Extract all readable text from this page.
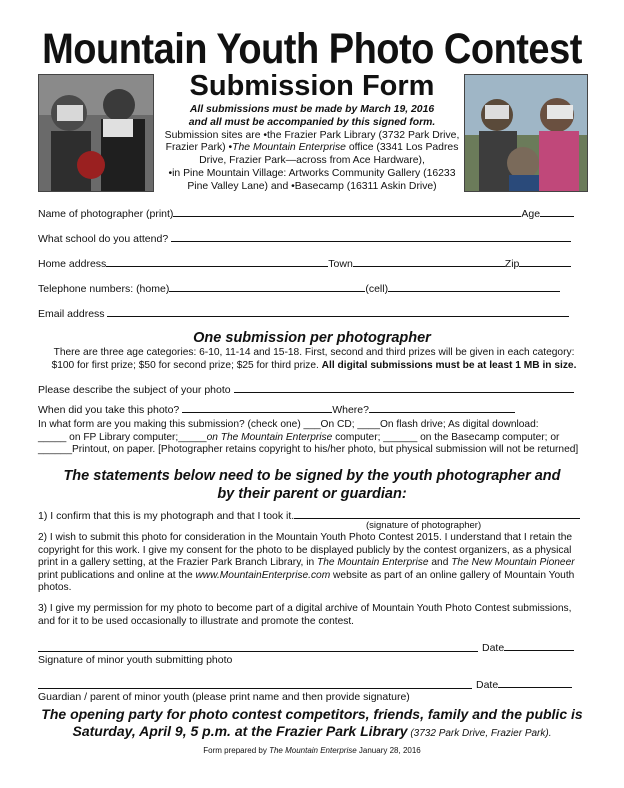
Mountain Youth Photo Contest
Submission Form
All submissions must be made by March 19, 2016
and all must be accompanied by this signed form.
Submission sites are •the Frazier Park Library (3732 Park Drive,
Frazier Park) •The Mountain Enterprise office (3341 Los Padres
Drive, Frazier Park—across from Ace Hardware),
•in Pine Mountain Village: Artworks Community Gallery (16233
Pine Valley Lane) and •Basecamp (16311 Askin Drive)
Name of photographer (print)	Age
What school do you attend?
Home address	Town	Zip
Telephone numbers: (home)	(cell)
Email address
One submission per photographer
There are three age categories: 6-10, 11-14 and 15-18. First, second and third prizes will be given in each category:
$100 for first prize; $50 for second prize; $25 for third prize. All digital submissions must be at least 1 MB in size.
Please describe the subject of your photo
When did you take this photo?	Where?
In what form are you making this submission? (check one) ___On CD; ____On flash drive; As digital download:
_____ on FP Library computer;_____on The Mountain Enterprise computer; ______ on the Basecamp computer; or
______Printout, on paper. [Photographer retains copyright to his/her photo, but physical submission will not be returned]
The statements below need to be signed by the youth photographer and
by their parent or guardian:
1) I confirm that this is my photograph and that I took it.
(signature of photographer)
2) I wish to submit this photo for consideration in the Mountain Youth Photo Contest 2015. I understand that I retain the
copyright for this work. I give my consent for the photo to be displayed publicly by the contest organizers, as a physical
print in a gallery setting, at the Frazier Park Branch Library, in The Mountain Enterprise and The New Mountain Pioneer
print publications and online at the www.MountainEnterprise.com website as part of an online gallery of Mountain Youth
photos.
3) I give my permission for my photo to become part of a digital archive of Mountain Youth Photo Contest submissions,
and for it to be used occasionally to illustrate and promote the contest.
Date
Signature of minor youth submitting photo
Date
Guardian / parent of minor youth (please print name and then provide signature)
The opening party for photo contest competitors, friends, family and the public is
Saturday, April 9, 5 p.m. at the Frazier Park Library (3732 Park Drive, Frazier Park).
Form prepared by The Mountain Enterprise January 28, 2016
